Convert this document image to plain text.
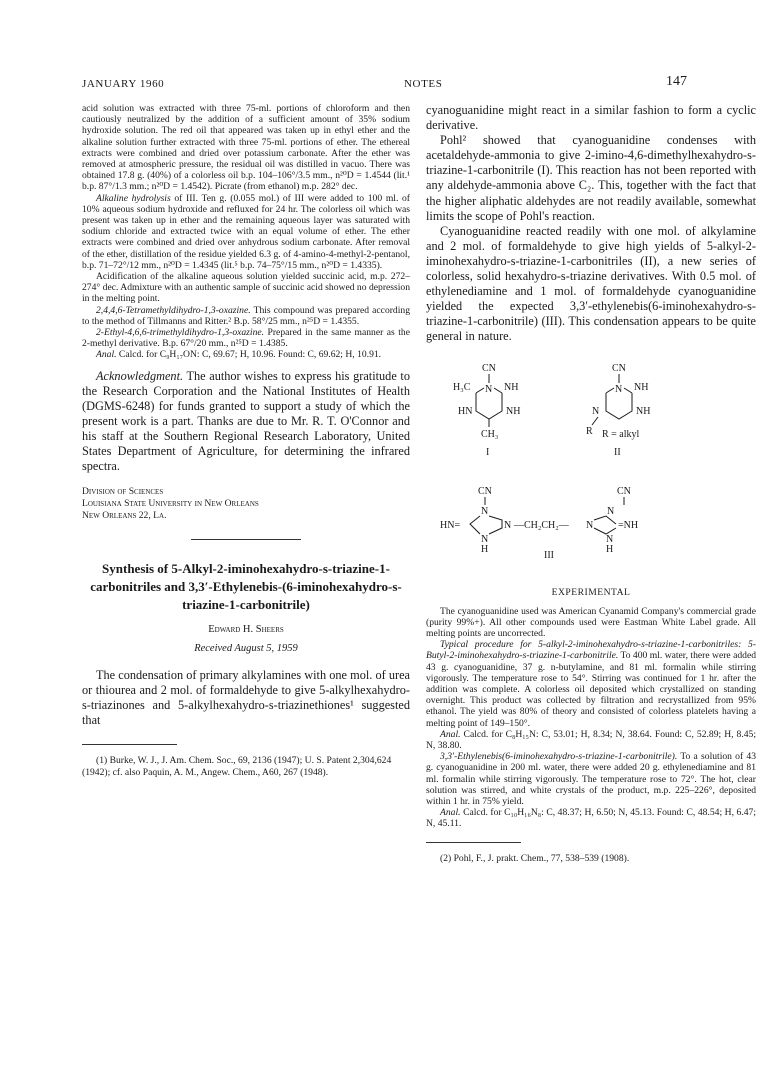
JANUARY 1960	NOTES	147

acid solution was extracted with three 75-ml. portions of chloroform and then cautiously neutralized by the addition of a sufficient amount of 35% sodium hydroxide solution. The red oil that appeared was taken up in ethyl ether and the alkaline solution further extracted with three 75-ml. portions of ether. The ethereal extracts were combined and dried over potassium carbonate. After the ether was removed at atmospheric pressure, the residual oil was distilled in vacuo. There was obtained 17.8 g. (40%) of a colorless oil b.p. 104–106°/3.5 mm., n²⁰D = 1.4544 (lit.¹ b.p. 87°/1.3 mm.; n²⁰D = 1.4542). Picrate (from ethanol) m.p. 282° dec.

Alkaline hydrolysis of III. Ten g. (0.055 mol.) of III were added to 100 ml. of 10% aqueous sodium hydroxide and refluxed for 24 hr. The colorless oil which was present was taken up in ether and the remaining aqueous layer was saturated with sodium chloride and extracted twice with an equal volume of ether. The ether extracts were combined and dried over anhydrous sodium carbonate. After removal of the ether, distillation of the residue yielded 6.3 g. of 4-amino-4-methyl-2-pentanol, b.p. 71–72°/12 mm., n²⁰D = 1.4345 (lit.⁵ b.p. 74–75°/15 mm., n²⁰D = 1.4335).

Acidification of the alkaline aqueous solution yielded succinic acid, m.p. 272–274° dec. Admixture with an authentic sample of succinic acid showed no depression in the melting point.

2,4,4,6-Tetramethyldihydro-1,3-oxazine. This compound was prepared according to the method of Tillmanns and Ritter.² B.p. 58°/25 mm., n²⁵D = 1.4355.

2-Ethyl-4,6,6-trimethyldihydro-1,3-oxazine. Prepared in the same manner as the 2-methyl derivative. B.p. 67°/20 mm., n²⁵D = 1.4385.

Anal. Calcd. for C₉H₁₇ON: C, 69.67; H, 10.96. Found: C, 69.62; H, 10.91.

Acknowledgment. The author wishes to express his gratitude to the Research Corporation and the National Institutes of Health (DGMS-6248) for funds granted to support a study of which the present work is a part. Thanks are due to Mr. R. T. O'Connor and his staff at the Southern Regional Research Laboratory, United States Department of Agriculture, for determining the infrared spectra.

Division of Sciences

Louisiana State University in New Orleans

New Orleans 22, La.

Synthesis of 5-Alkyl-2-iminohexahydro-s-triazine-1-carbonitriles and 3,3′-Ethylenebis-(6-iminohexahydro-s-triazine-1-carbonitrile)

Edward H. Sheers

Received August 5, 1959

The condensation of primary alkylamines with one mol. of urea or thiourea and 2 mol. of formaldehyde to give 5-alkylhexahydro-s-triazinones and 5-alkylhexahydro-s-triazinethiones¹ suggested that

(1) Burke, W. J., J. Am. Chem. Soc., 69, 2136 (1947); U. S. Patent 2,304,624 (1942); cf. also Paquin, A. M., Angew. Chem., A60, 267 (1948).

cyanoguanidine might react in a similar fashion to form a cyclic derivative.

Pohl² showed that cyanoguanidine condenses with acetaldehyde-ammonia to give 2-imino-4,6-dimethylhexahydro-s-triazine-1-carbonitrile (I). This reaction has not been reported with any aldehyde-ammonia above C₂. This, together with the fact that the higher aliphatic aldehydes are not readily available, somewhat limits the scope of Pohl's reaction.

Cyanoguanidine reacted readily with one mol. of alkylamine and 2 mol. of formaldehyde to give high yields of 5-alkyl-2-iminohexahydro-s-triazine-1-carbonitriles (II), a new series of colorless, solid hexahydro-s-triazine derivatives. With 0.5 mol. of ethylenediamine and 1 mol. of formaldehyde cyanoguanidine yielded the expected 3,3′-ethylenebis(6-iminohexahydro-s-triazine-1-carbonitrile) (III). This condensation appears to be quite general in nature.

CN
H₃C N NH
HN	NH
CH₃
I
CN
N NH
N	NH
R R = alkyl
II

CN
N
HN=
N
H
N —CH₂CH₂— N
CN
N
=NH
N
H
III

EXPERIMENTAL

The cyanoguanidine used was American Cyanamid Company's commercial grade (purity 99%+). All other compounds used were Eastman White Label grade. All melting points are uncorrected.

Typical procedure for 5-alkyl-2-iminohexahydro-s-triazine-1-carbonitriles: 5-Butyl-2-iminohexahydro-s-triazine-1-carbonitrile. To 400 ml. water, there were added 43 g. cyanoguanidine, 37 g. n-butylamine, and 81 ml. formalin while stirring vigorously. The temperature rose to 54°. Stirring was continued for 1 hr. after the addition was complete. A colorless oil deposited which crystallized on standing overnight. This product was collected by filtration and recrystallized from 95% ethanol. The yield was 80% of theory and consisted of colorless platelets having a melting point of 149–150°.

Anal. Calcd. for C₈H₁₅N: C, 53.01; H, 8.34; N, 38.64. Found: C, 52.89; H, 8.45; N, 38.80.

3,3′-Ethylenebis(6-iminohexahydro-s-triazine-1-carbonitrile). To a solution of 43 g. cyanoguanidine in 200 ml. water, there were added 20 g. ethylenediamine and 81 ml. formalin while stirring vigorously. The temperature rose to 72°. The hot, clear solution was stirred, and white crystals of the product, m.p. 225–226°, deposited within 1 hr. in 75% yield.

Anal. Calcd. for C₁₀H₁₆N₈: C, 48.37; H, 6.50; N, 45.13. Found: C, 48.54; H, 6.47; N, 45.11.

(2) Pohl, F., J. prakt. Chem., 77, 538–539 (1908).
